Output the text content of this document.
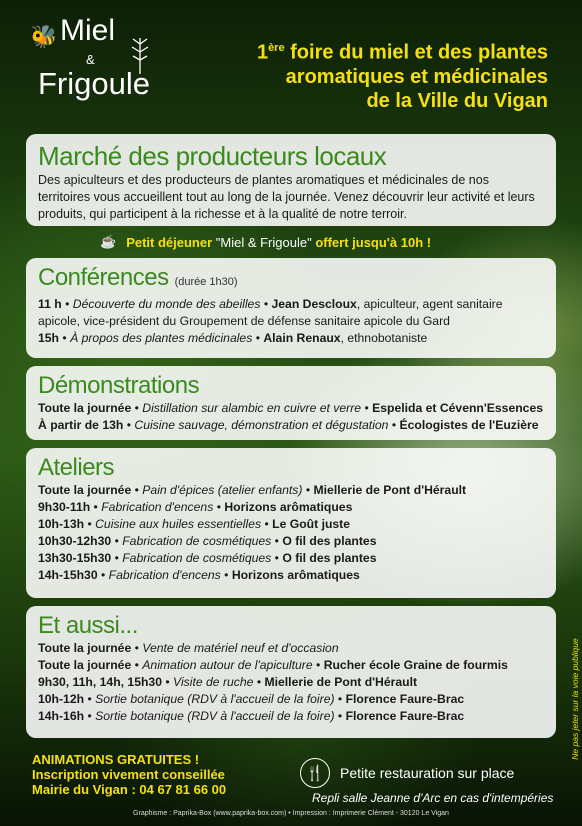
🐝 Miel
&
Frigoule
1ère foire du miel et des plantes
aromatiques et médicinales
de la Ville du Vigan
Marché des producteurs locaux

Des apiculteurs et des producteurs de plantes aromatiques et médicinales de nos territoires vous accueillent tout au long de la journée. Venez découvrir leur activité et leurs produits, qui participent à la richesse et à la qualité de notre terroir.

☕ Petit déjeuner "Miel & Frigoule" offert jusqu'à 10h !
Conférences (durée 1h30)
11 h • Découverte du monde des abeilles • Jean Descloux, apiculteur, agent sanitaire apicole, vice-président du Groupement de défense sanitaire apicole du Gard
15h • À propos des plantes médicinales • Alain Renaux, ethnobotaniste
Démonstrations
Toute la journée • Distillation sur alambic en cuivre et verre • Espelida et Cévenn'Essences
À partir de 13h • Cuisine sauvage, démonstration et dégustation • Écologistes de l'Euzière
Ateliers
Toute la journée • Pain d'épices (atelier enfants) • Miellerie de Pont d'Hérault
9h30-11h • Fabrication d'encens • Horizons arômatiques
10h-13h • Cuisine aux huiles essentielles • Le Goût juste
10h30-12h30 • Fabrication de cosmétiques • O fil des plantes
13h30-15h30 • Fabrication de cosmétiques • O fil des plantes
14h-15h30 • Fabrication d'encens • Horizons arômatiques
Et aussi...
Toute la journée • Vente de matériel neuf et d'occasion
Toute la journée • Animation autour de l'apiculture • Rucher école Graine de fourmis
9h30, 11h, 14h, 15h30 • Visite de ruche • Miellerie de Pont d'Hérault
10h-12h • Sortie botanique (RDV à l'accueil de la foire) • Florence Faure-Brac
14h-16h • Sortie botanique (RDV à l'accueil de la foire) • Florence Faure-Brac
ANIMATIONS GRATUITES !
Inscription vivement conseillée
Mairie du Vigan : 04 67 81 66 00
🍴	Petite restauration sur place
Repli salle Jeanne d'Arc en cas d'intempéries
Ne pas jeter sur la voie publique
Graphisme : Paprika-Box (www.paprika-box.com) • Impression : Imprimerie Clément - 30120 Le Vigan
